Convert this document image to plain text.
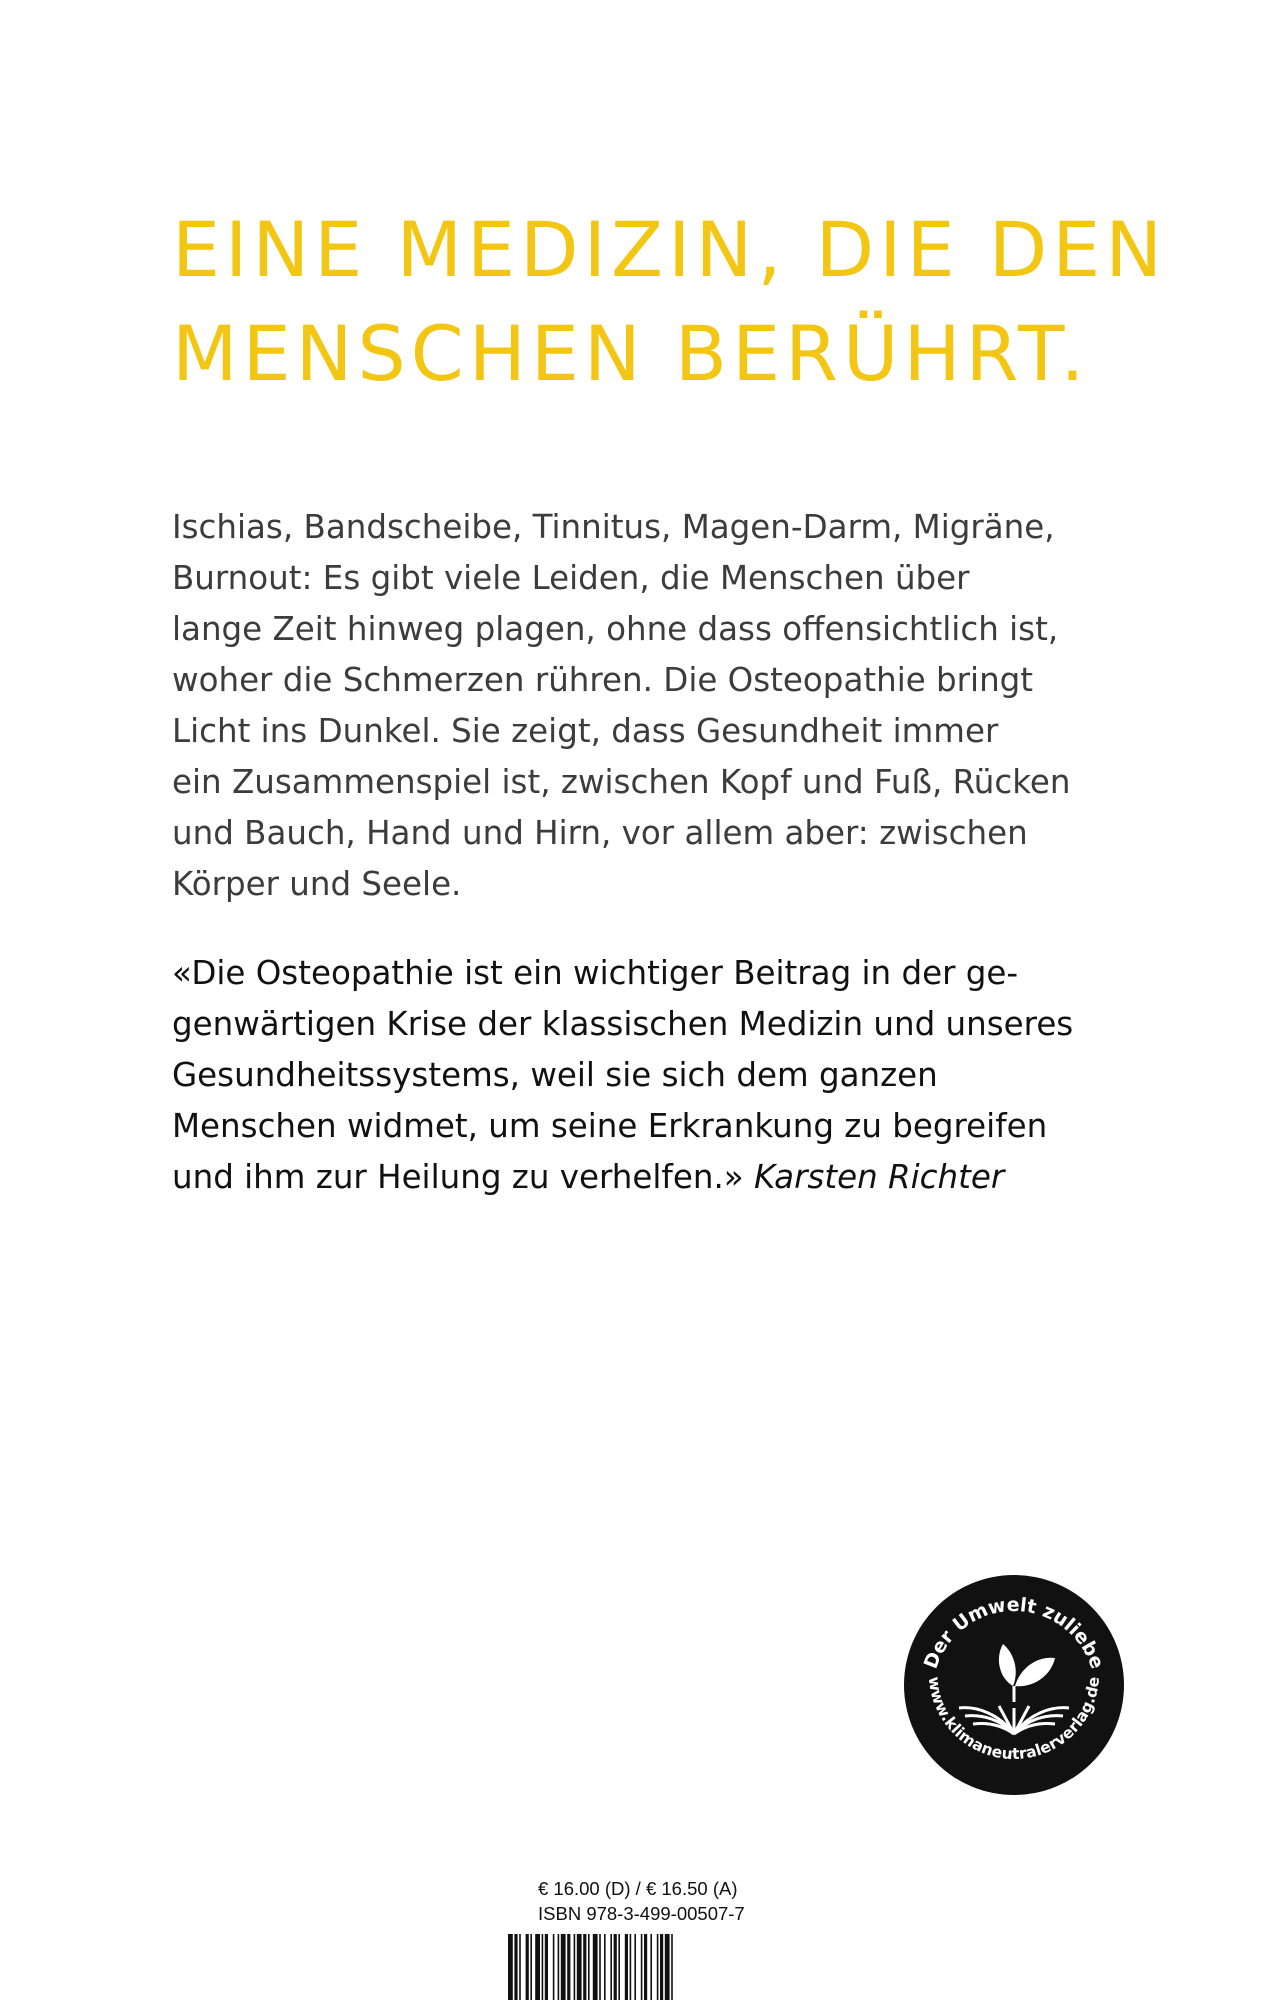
EINE MEDIZIN, DIE DEN
MENSCHEN BERÜHRT.
Ischias, Bandscheibe, Tinnitus, Magen-Darm, Migräne,
Burnout: Es gibt viele Leiden, die Menschen über
lange Zeit hinweg plagen, ohne dass offensichtlich ist,
woher die Schmerzen rühren. Die Osteopathie bringt
Licht ins Dunkel. Sie zeigt, dass Gesundheit immer
ein Zusammenspiel ist, zwischen Kopf und Fuß, Rücken
und Bauch, Hand und Hirn, vor allem aber: zwischen
Körper und Seele.
«Die Osteopathie ist ein wichtiger Beitrag in der ge-
genwärtigen Krise der klassischen Medizin und unseres
Gesundheitssystems, weil sie sich dem ganzen
Menschen widmet, um seine Erkrankung zu begreifen
und ihm zur Heilung zu verhelfen.» Karsten Richter
Der Umwelt zuliebe
www.klimaneutralerverlag.de
€ 16.00 (D) / € 16.50 (A)
ISBN 978-3-499-00507-7
